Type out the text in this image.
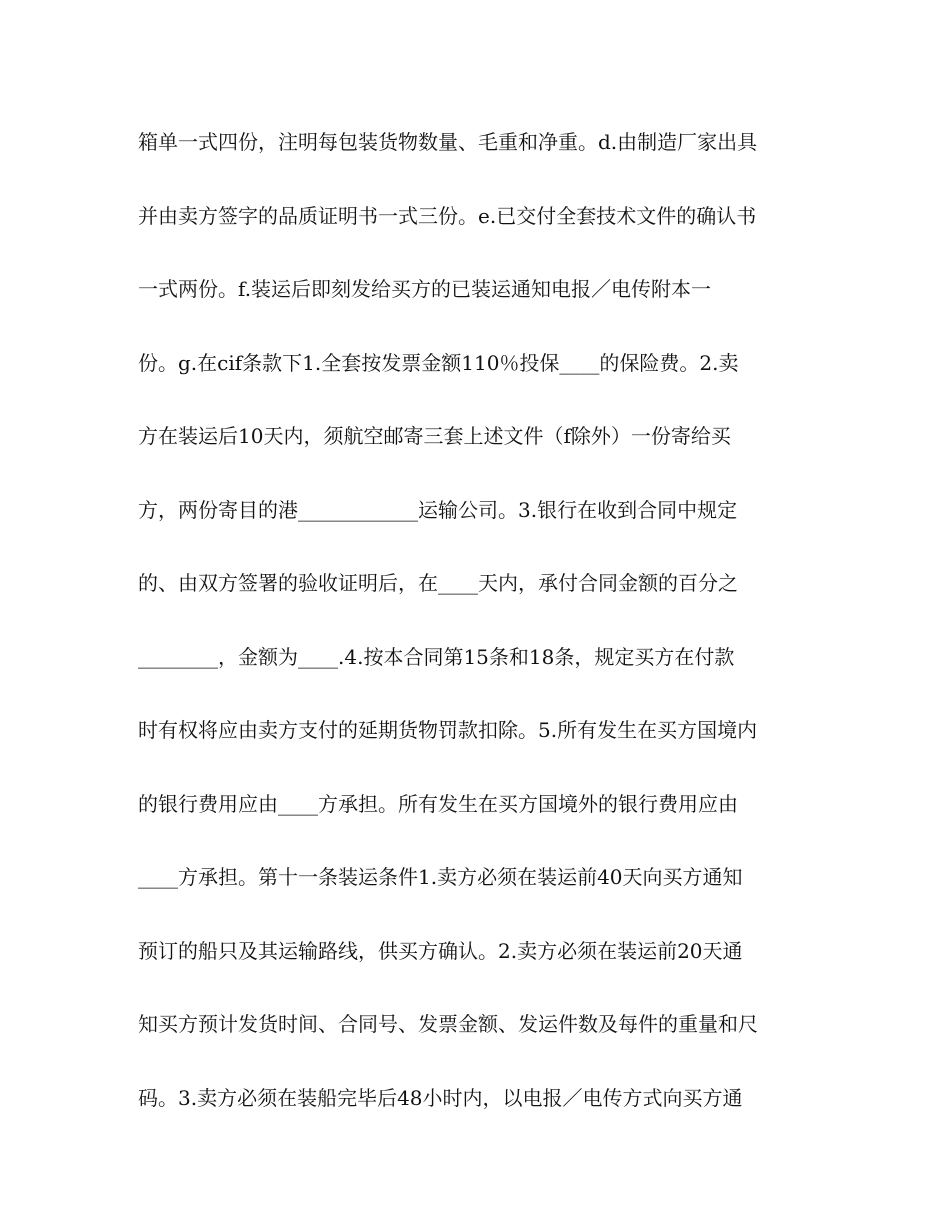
箱单一式四份，注明每包装货物数量、毛重和净重。d.由制造厂家出具
并由卖方签字的品质证明书一式三份。e.已交付全套技术文件的确认书
一式两份。f.装运后即刻发给买方的已装运通知电报／电传附本一
份。g.在cif条款下1.全套按发票金额110％投保____的保险费。2.卖
方在装运后10天内，须航空邮寄三套上述文件（f除外）一份寄给买
方，两份寄目的港____________运输公司。3.银行在收到合同中规定
的、由双方签署的验收证明后，在____天内，承付合同金额的百分之
________，金额为____.4.按本合同第15条和18条，规定买方在付款
时有权将应由卖方支付的延期货物罚款扣除。5.所有发生在买方国境内
的银行费用应由____方承担。所有发生在买方国境外的银行费用应由
____方承担。第十一条装运条件1.卖方必须在装运前40天向买方通知
预订的船只及其运输路线，供买方确认。2.卖方必须在装运前20天通
知买方预计发货时间、合同号、发票金额、发运件数及每件的重量和尺
码。3.卖方必须在装船完毕后48小时内，以电报／电传方式向买方通
